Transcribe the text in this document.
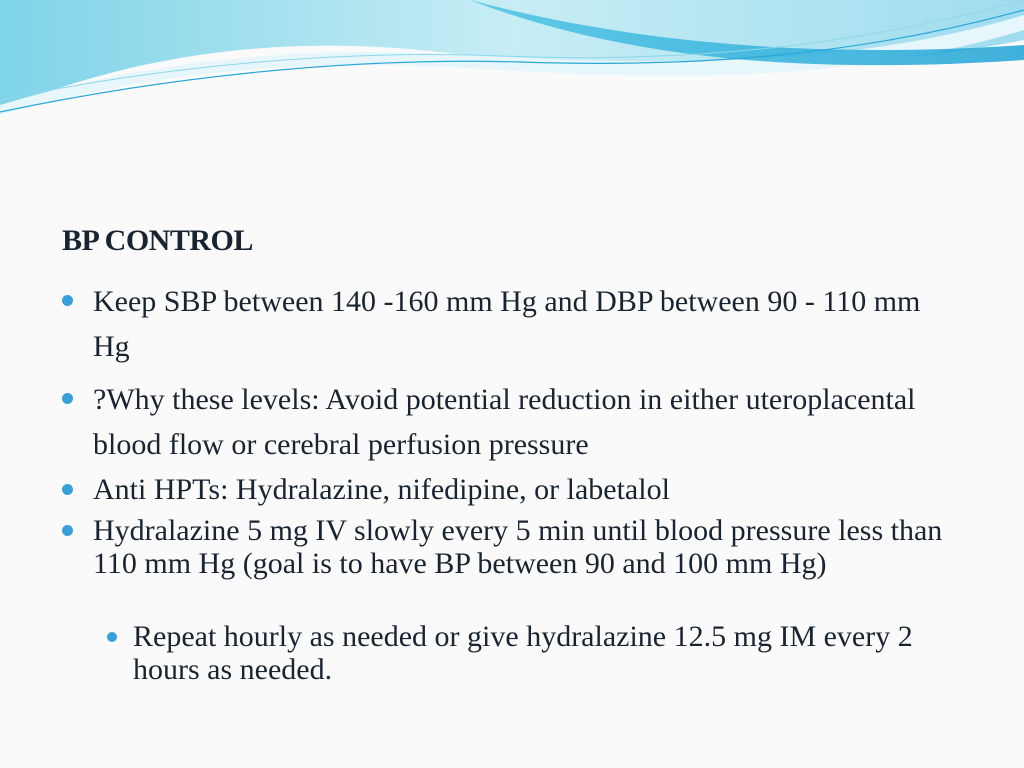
BP CONTROL
Keep SBP between 140 -160 mm Hg and DBP between 90 - 110 mm Hg
?Why these levels: Avoid potential reduction in either uteroplacental blood flow or cerebral perfusion pressure
Anti HPTs: Hydralazine, nifedipine, or labetalol
Hydralazine 5 mg IV slowly every 5 min until blood pressure less than 110 mm Hg (goal is to have BP between 90 and 100 mm Hg)
Repeat hourly as needed or give hydralazine 12.5 mg IM every 2 hours as needed.
